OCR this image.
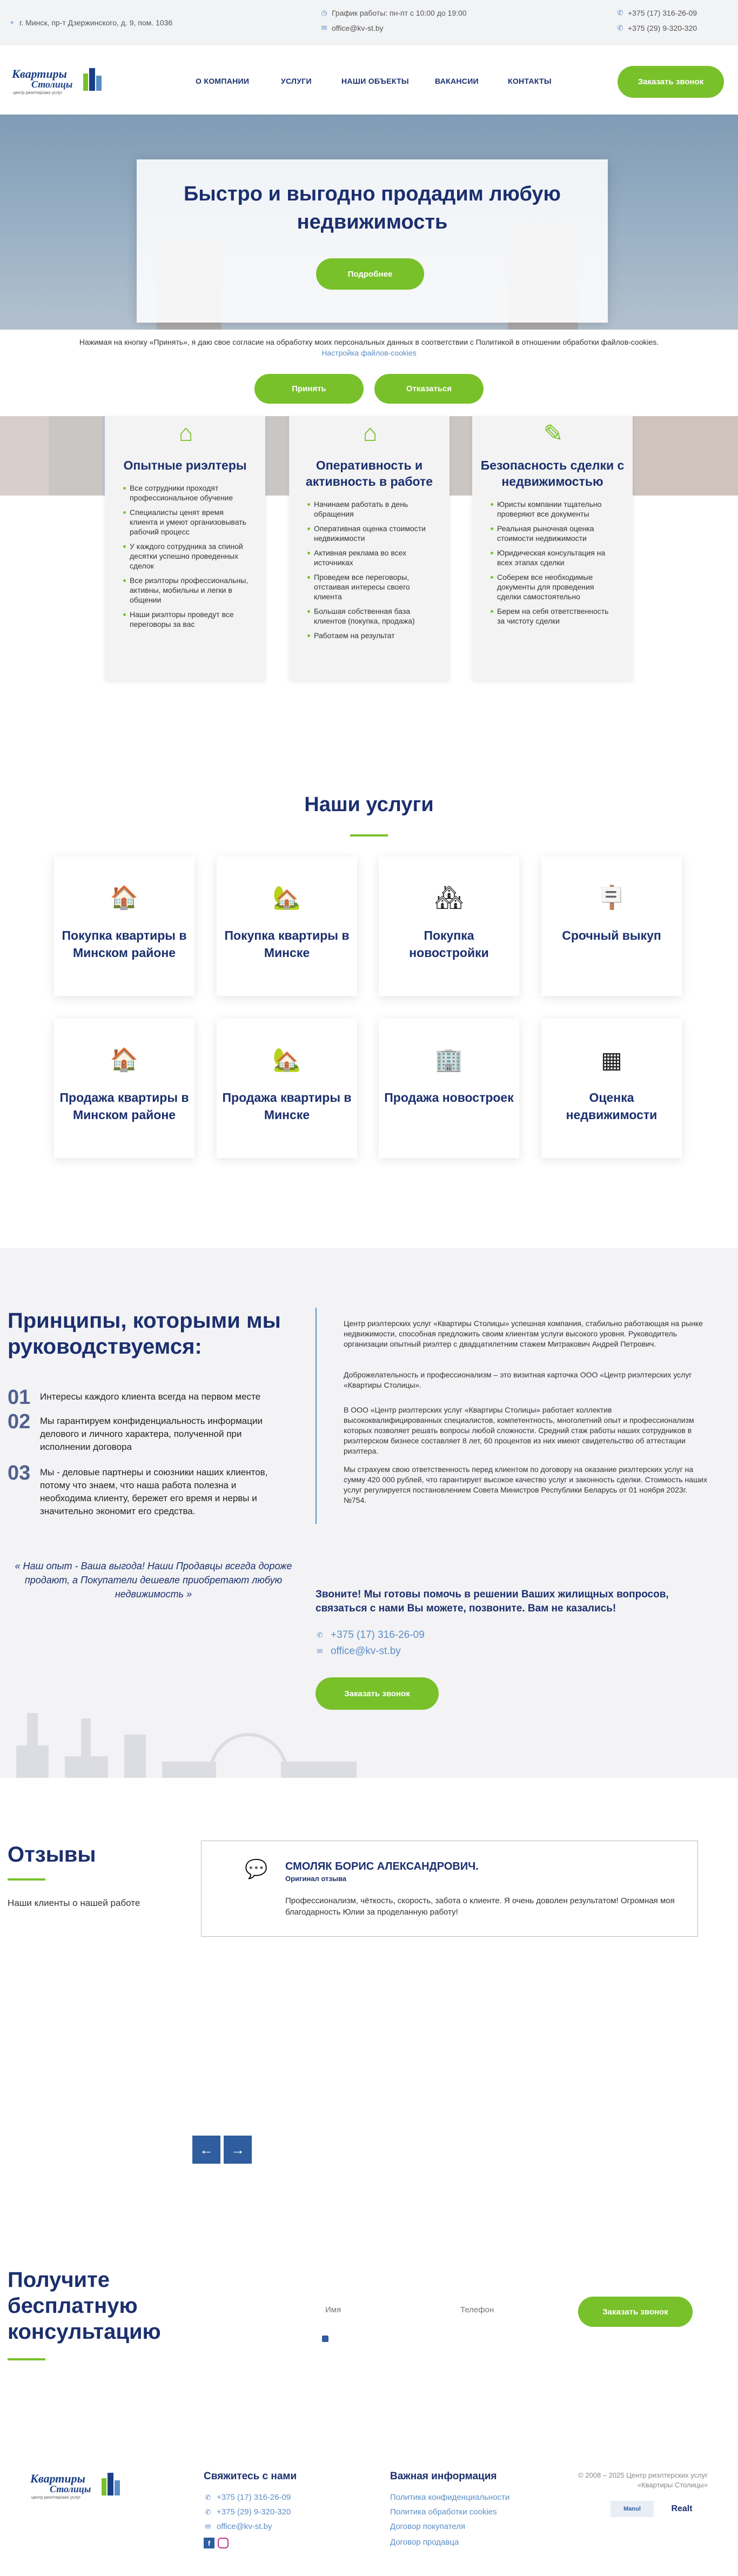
⌖ г. Минск, пр-т Дзержинского, д. 9, пом. 1036
◷ График работы: пн-пт с 10:00 до 19:00
✉ office@kv-st.by
✆ +375 (17) 316-26-09
✆ +375 (29) 9-320-320
Квартиры
Столицы
центр риэлтерских услуг
О КОМПАНИИ	УСЛУГИ	НАШИ ОБЪЕКТЫ	ВАКАНСИИ	КОНТАКТЫ	Заказать звонок
Быстро и выгодно продадим любую недвижимость
Подробнее

Нажимая на кнопку «Принять», я даю свое согласие на обработку моих персональных данных в соответствии с Политикой в отношении обработки файлов-cookies.

Настройка файлов-cookies
Принять	Отказаться
⌂
Опытные риэлтеры
Все сотрудники проходят профессиональное обучение
Специалисты ценят время клиента и умеют организовывать рабочий процесс
У каждого сотрудника за спиной десятки успешно проведенных сделок
Все риэлторы профессиональны, активны, мобильны и легки в общении
Наши риэлторы проведут все переговоры за вас
⌂
Оперативность и активность в работе
Начинаем работать в день обращения
Оперативная оценка стоимости недвижимости
Активная реклама во всех источниках
Проведем все переговоры, отстаивая интересы своего клиента
Большая собственная база клиентов (покупка, продажа)
Работаем на результат
✎
Безопасность сделки с недвижимостью
Юристы компании тщательно проверяют все документы
Реальная рыночная оценка стоимости недвижимости
Юридическая консультация на всех этапах сделки
Соберем все необходимые документы для проведения сделки самостоятельно
Берем на себя ответственность за чистоту сделки
Наши услуги
🏠
Покупка квартиры в Минском районе
🏡
Покупка квартиры в Минске
🏘
Покупка новостройки
🪧
Срочный выкуп
🏠
Продажа квартиры в Минском районе
🏡
Продажа квартиры в Минске
🏢
Продажа новостроек
▦
Оценка недвижимости
Принципы, которыми мы руководствуемся:
01 Интересы каждого клиента всегда на первом месте
02 Мы гарантируем конфиденциальность информации делового и личного характера, полученной при исполнении договора
03 Мы - деловые партнеры и союзники наших клиентов, потому что знаем, что наша работа полезна и необходима клиенту, бережет его время и нервы и значительно экономит его средства.
« Наш опыт - Ваша выгода! Наши Продавцы всегда дороже продают, а Покупатели дешевле приобретают любую недвижимость »
Центр риэлтерских услуг «Квартиры Столицы» успешная компания, стабильно работающая на рынке недвижимости, способная предложить своим клиентам услуги высокого уровня. Руководитель организации опытный риэлтер с двадцатилетним стажем Митракович Андрей Петрович.
Доброжелательность и профессионализм – это визитная карточка ООО «Центр риэлтерских услуг «Квартиры Столицы».
В ООО «Центр риэлтерских услуг «Квартиры Столицы» работает коллектив высококвалифицированных специалистов, компетентность, многолетний опыт и профессионализм которых позволяет решать вопросы любой сложности. Средний стаж работы наших сотрудников в риэлтерском бизнесе составляет 8 лет, 60 процентов из них имеют свидетельство об аттестации риэлтера.
Мы страхуем свою ответственность перед клиентом по договору на оказание риэлтерских услуг на сумму 420 000 рублей, что гарантирует высокое качество услуг и законность сделки. Стоимость наших услуг регулируется постановлением Совета Министров Республики Беларусь от 01 ноября 2023г. №754.
Звоните! Мы готовы помочь в решении Ваших жилищных вопросов, связаться с нами Вы можете, позвоните. Вам не казались!
✆ +375 (17) 316-26-09
✉ office@kv-st.by
Заказать звонок
Отзывы
Наши клиенты о нашей работе
💬 СМОЛЯК БОРИС АЛЕКСАНДРОВИЧ.
Оригинал отзыва
Профессионализм, чёткость, скорость, забота о клиенте. Я очень доволен результатом! Огромная моя благодарность Юлии за проделанную работу!
←	→
Получите бесплатную консультацию
Имя
Телефон
Заказать звонок
Квартиры
Столицы
центр риэлтерских услуг
Свяжитесь с нами
✆ +375 (17) 316-26-09
✆ +375 (29) 9-320-320
✉ office@kv-st.by
f
Важная информация
Политика конфиденциальности
Политика обработки cookies
Договор покупателя
Договор продавца
© 2008 – 2025 Центр риэлтерских услуг «Квартиры Столицы»
Manul	Realt
